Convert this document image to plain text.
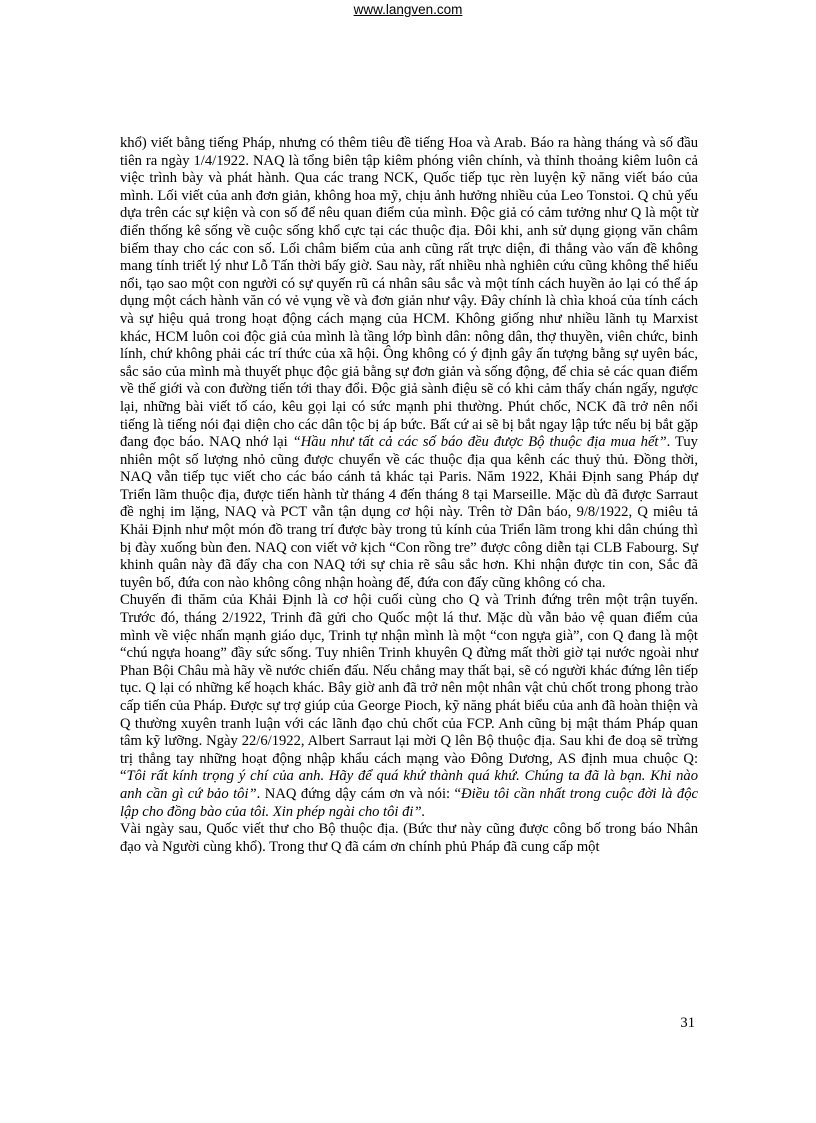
www.langven.com

khổ) viết bằng tiếng Pháp, nhưng có thêm tiêu đề tiếng Hoa và Arab. Báo ra hàng tháng và số đầu tiên ra ngày 1/4/1922. NAQ là tổng biên tập kiêm phóng viên chính, và thỉnh thoảng kiêm luôn cả việc trình bày và phát hành. Qua các trang NCK, Quốc tiếp tục rèn luyện kỹ năng viết báo của mình. Lối viết của anh đơn giản, không hoa mỹ, chịu ảnh hưởng nhiều của Leo Tonstoi. Q chủ yếu dựa trên các sự kiện và con số để nêu quan điểm của mình. Độc giả có cảm tưởng như Q là một từ điển thống kê sống về cuộc sống khổ cực tại các thuộc địa. Đôi khi, anh sử dụng giọng văn châm biếm thay cho các con số. Lối châm biếm của anh cũng rất trực diện, đi thẳng vào vấn đề không mang tính triết lý như Lỗ Tấn thời bấy giờ. Sau này, rất nhiều nhà nghiên cứu cũng không thể hiểu nổi, tạo sao một con người có sự quyến rũ cá nhân sâu sắc và một tính cách huyền ảo lại có thể áp dụng một cách hành văn có vẻ vụng về và đơn giản như vậy. Đây chính là chìa khoá của tính cách và sự hiệu quả trong hoạt động cách mạng của HCM. Không giống như nhiều lãnh tụ Marxist khác, HCM luôn coi độc giả của mình là tầng lớp bình dân: nông dân, thợ thuyền, viên chức, binh lính, chứ không phải các trí thức của xã hội. Ông không có ý định gây ấn tượng bằng sự uyên bác, sắc sảo của mình mà thuyết phục độc giả bằng sự đơn giản và sống động, để chia sẻ các quan điểm về thế giới và con đường tiến tới thay đổi. Độc giả sành điệu sẽ có khi cảm thấy chán ngấy, ngược lại, những bài viết tố cáo, kêu gọi lại có sức mạnh phi thường. Phút chốc, NCK đã trở nên nổi tiếng là tiếng nói đại diện cho các dân tộc bị áp bức. Bất cứ ai sẽ bị bắt ngay lập tức nếu bị bắt gặp đang đọc báo. NAQ nhớ lại “Hầu như tất cả các số báo đều được Bộ thuộc địa mua hết”. Tuy nhiên một số lượng nhỏ cũng được chuyển về các thuộc địa qua kênh các thuỷ thủ. Đồng thời, NAQ vẫn tiếp tục viết cho các báo cánh tả khác tại Paris. Năm 1922, Khải Định sang Pháp dự Triển lãm thuộc địa, được tiến hành từ tháng 4 đến tháng 8 tại Marseille. Mặc dù đã được Sarraut đề nghị im lặng, NAQ và PCT vẫn tận dụng cơ hội này. Trên tờ Dân báo, 9/8/1922, Q miêu tả Khải Định như một món đồ trang trí được bày trong tủ kính của Triển lãm trong khi dân chúng thì bị đày xuống bùn đen. NAQ con viết vở kịch “Con rồng tre” được công diễn tại CLB Fabourg. Sự khinh quân này đã đẩy cha con NAQ tới sự chia rẽ sâu sắc hơn. Khi nhận được tin con, Sắc đã tuyên bố, đứa con nào không công nhận hoàng đế, đứa con đấy cũng không có cha.

Chuyến đi thăm của Khải Định là cơ hội cuối cùng cho Q và Trinh đứng trên một trận tuyến. Trước đó, tháng 2/1922, Trinh đã gửi cho Quốc một lá thư. Mặc dù vẫn bảo vệ quan điểm của mình về việc nhấn mạnh giáo dục, Trinh tự nhận mình là một “con ngựa già”, con Q đang là một “chú ngựa hoang” đầy sức sống. Tuy nhiên Trinh khuyên Q đừng mất thời giờ tại nước ngoài như Phan Bội Châu mà hãy về nước chiến đấu. Nếu chẳng may thất bại, sẽ có người khác đứng lên tiếp tục. Q lại có những kế hoạch khác. Bây giờ anh đã trở nên một nhân vật chủ chốt trong phong trào cấp tiến của Pháp. Được sự trợ giúp của George Pioch, kỹ năng phát biểu của anh đã hoàn thiện và Q thường xuyên tranh luận với các lãnh đạo chủ chốt của FCP. Anh cũng bị mật thám Pháp quan tâm kỹ lưỡng. Ngày 22/6/1922, Albert Sarraut lại mời Q lên Bộ thuộc địa. Sau khi đe doạ sẽ trừng trị thẳng tay những hoạt động nhập khẩu cách mạng vào Đông Dương, AS định mua chuộc Q: “Tôi rất kính trọng ý chí của anh. Hãy để quá khứ thành quá khứ. Chúng ta đã là bạn. Khi nào anh cần gì cứ bảo tôi”. NAQ đứng dậy cám ơn và nói: “Điều tôi cần nhất trong cuộc đời là độc lập cho đồng bào của tôi. Xin phép ngài cho tôi đi”.

Vài ngày sau, Quốc viết thư cho Bộ thuộc địa. (Bức thư này cũng được công bố trong báo Nhân đạo và Người cùng khổ). Trong thư Q đã cám ơn chính phủ Pháp đã cung cấp một

31
